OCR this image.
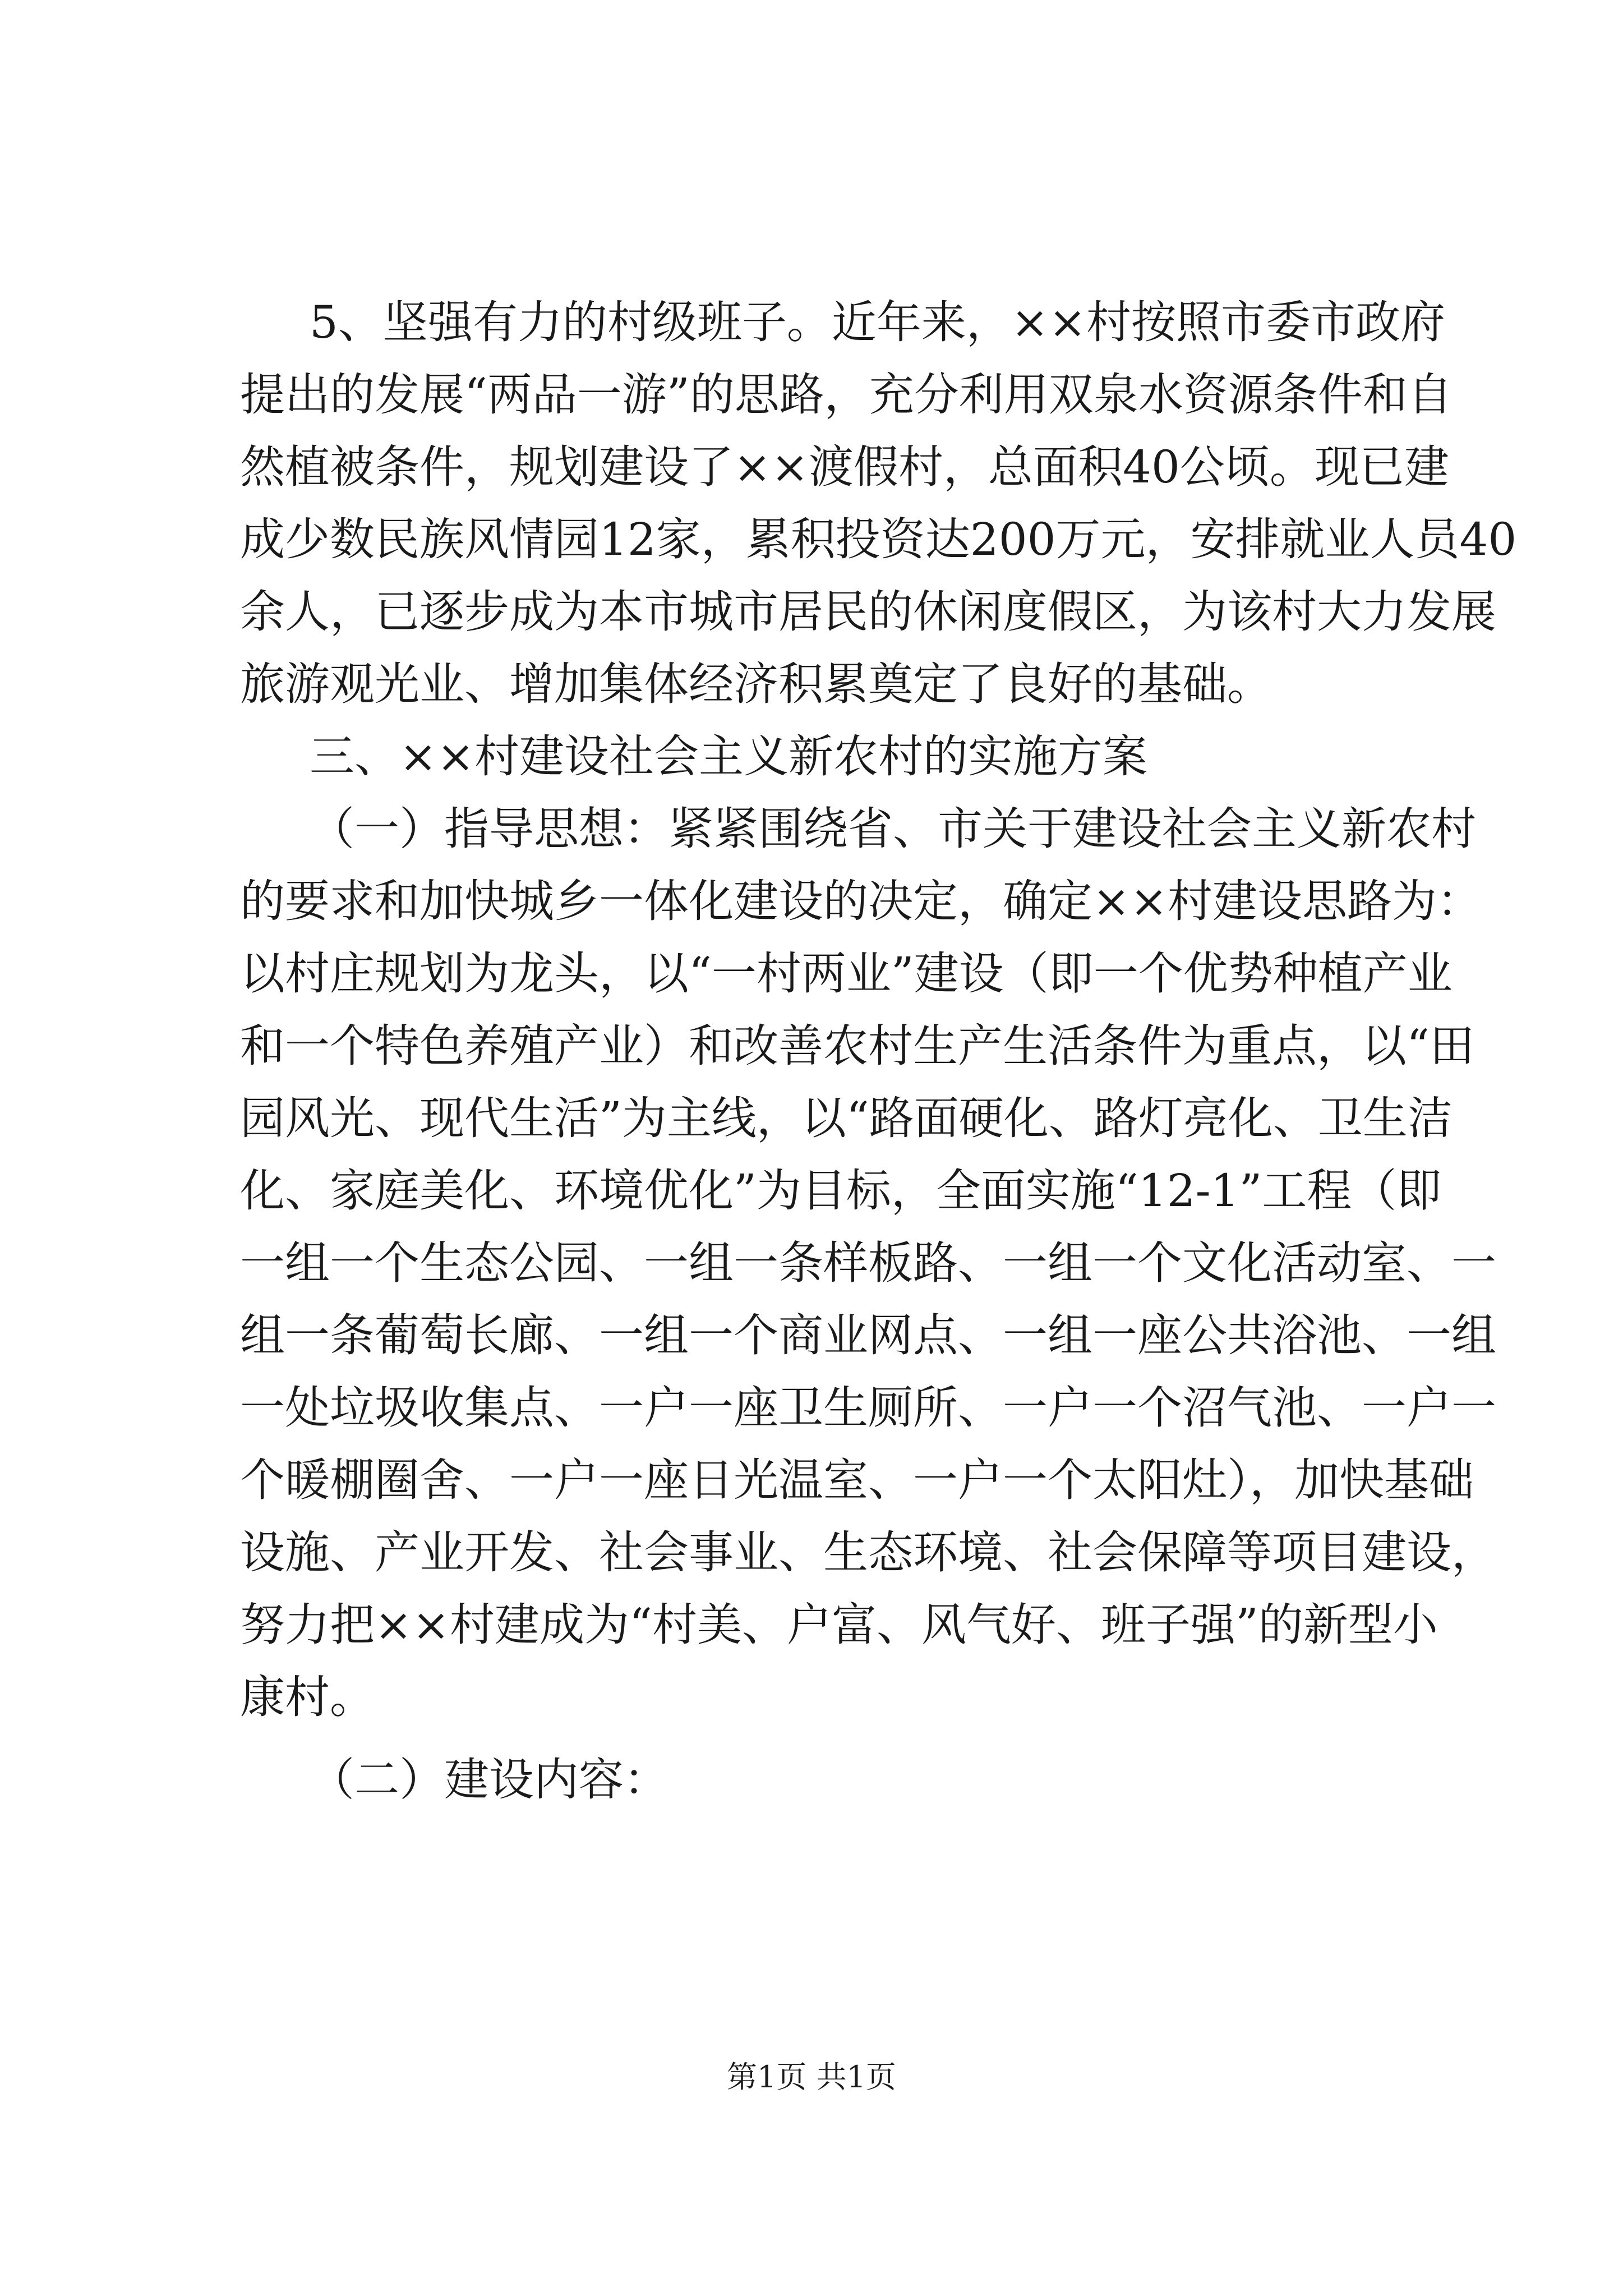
5、坚强有力的村级班子。近年来，××村按照市委市政府
提出的发展“两品一游”的思路，充分利用双泉水资源条件和自
然植被条件，规划建设了××渡假村，总面积40公顷。现已建
成少数民族风情园12家，累积投资达200万元，安排就业人员40
余人，已逐步成为本市城市居民的休闲度假区，为该村大力发展
旅游观光业、增加集体经济积累奠定了良好的基础。
三、××村建设社会主义新农村的实施方案
（一）指导思想：紧紧围绕省、市关于建设社会主义新农村
的要求和加快城乡一体化建设的决定，确定××村建设思路为：
以村庄规划为龙头，以“一村两业”建设（即一个优势种植产业
和一个特色养殖产业）和改善农村生产生活条件为重点，以“田
园风光、现代生活”为主线，以“路面硬化、路灯亮化、卫生洁
化、家庭美化、环境优化”为目标，全面实施“12-1”工程（即
一组一个生态公园、一组一条样板路、一组一个文化活动室、一
组一条葡萄长廊、一组一个商业网点、一组一座公共浴池、一组
一处垃圾收集点、一户一座卫生厕所、一户一个沼气池、一户一
个暖棚圈舍、一户一座日光温室、一户一个太阳灶），加快基础
设施、产业开发、社会事业、生态环境、社会保障等项目建设，
努力把××村建成为“村美、户富、风气好、班子强”的新型小
康村。
（二）建设内容：
第1页 共1页
